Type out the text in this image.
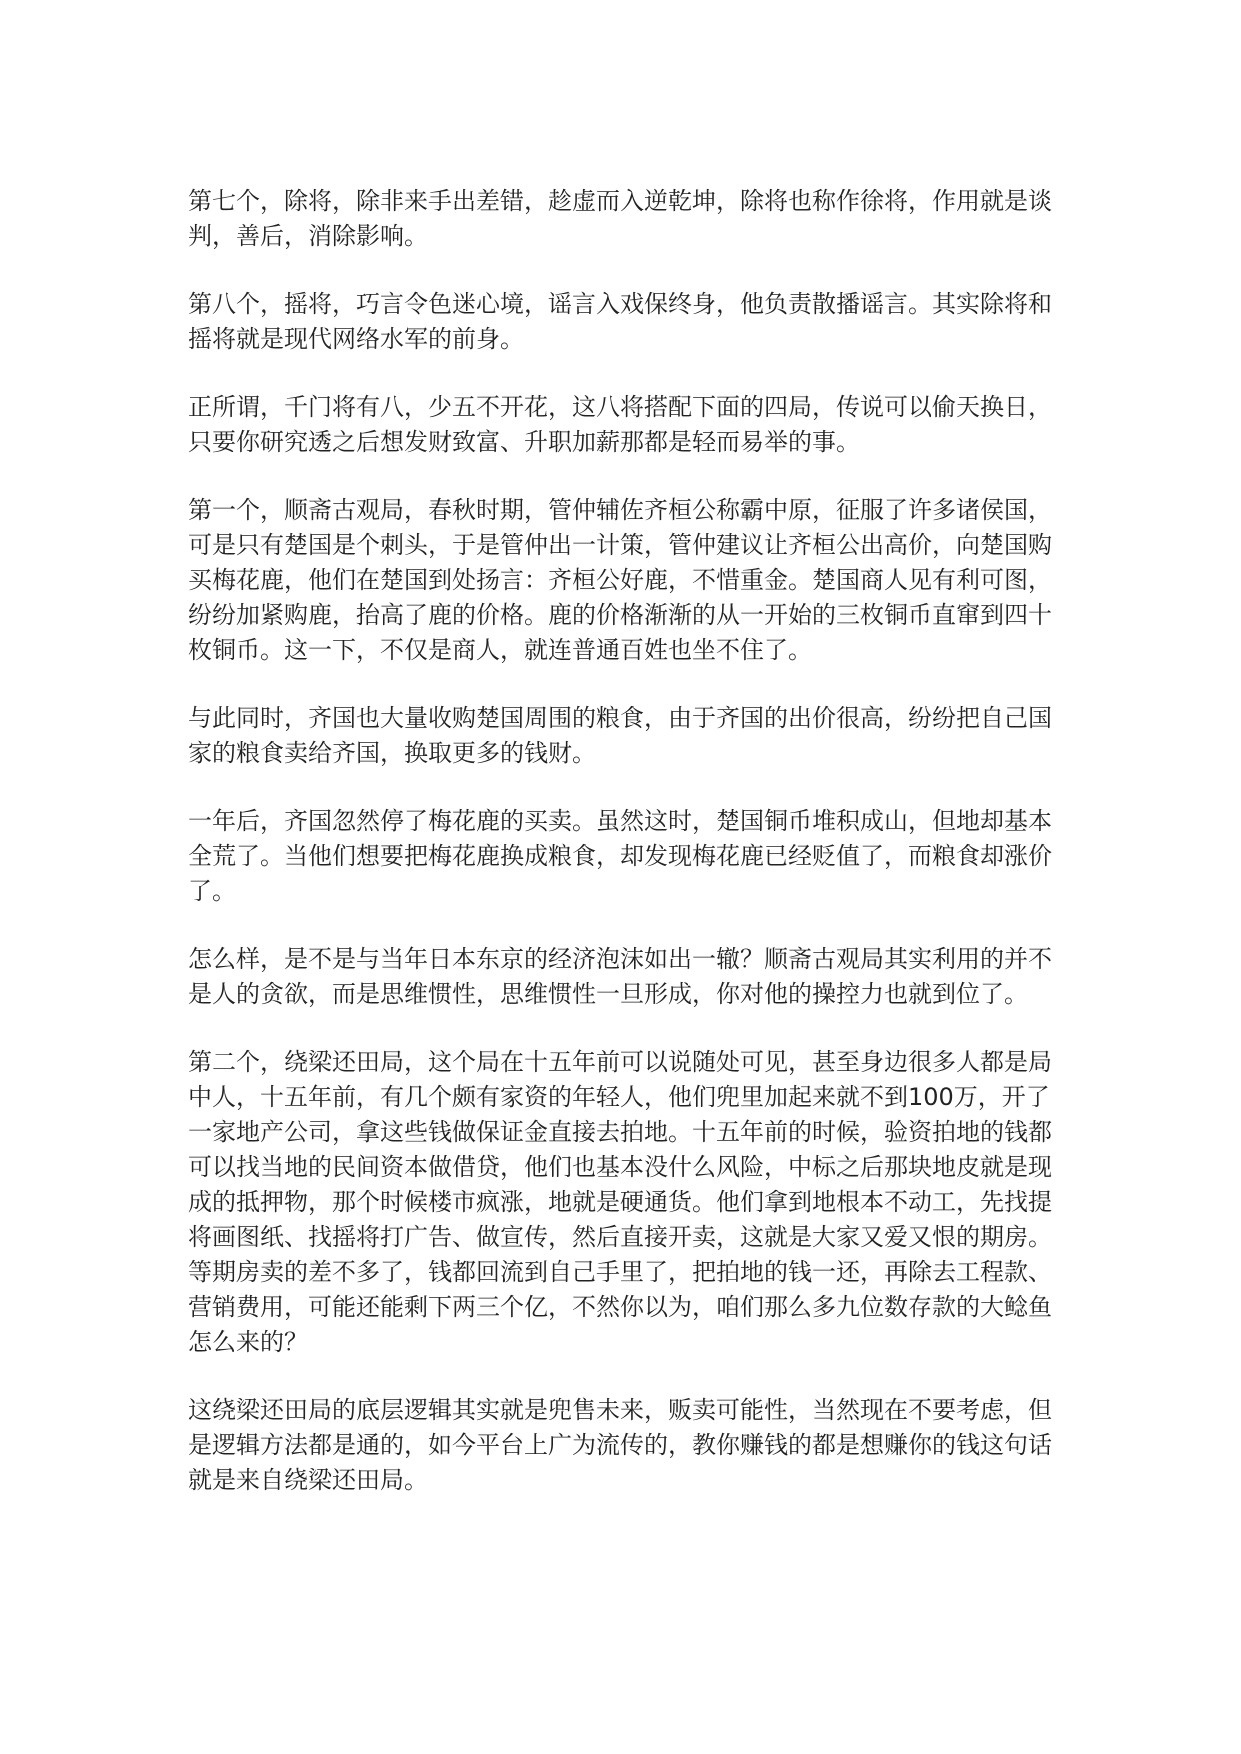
第七个，除将，除非来手出差错，趁虚而入逆乾坤，除将也称作徐将，作用就是谈判，善后，消除影响。

第八个，摇将，巧言令色迷心境，谣言入戏保终身，他负责散播谣言。其实除将和摇将就是现代网络水军的前身。

正所谓，千门将有八，少五不开花，这八将搭配下面的四局，传说可以偷天换日，只要你研究透之后想发财致富、升职加薪那都是轻而易举的事。

第一个，顺斋古观局，春秋时期，管仲辅佐齐桓公称霸中原，征服了许多诸侯国，可是只有楚国是个刺头，于是管仲出一计策，管仲建议让齐桓公出高价，向楚国购买梅花鹿，他们在楚国到处扬言：齐桓公好鹿，不惜重金。楚国商人见有利可图，纷纷加紧购鹿，抬高了鹿的价格。鹿的价格渐渐的从一开始的三枚铜币直窜到四十枚铜币。这一下，不仅是商人，就连普通百姓也坐不住了。

与此同时，齐国也大量收购楚国周围的粮食，由于齐国的出价很高，纷纷把自己国家的粮食卖给齐国，换取更多的钱财。

一年后，齐国忽然停了梅花鹿的买卖。虽然这时，楚国铜币堆积成山，但地却基本全荒了。当他们想要把梅花鹿换成粮食，却发现梅花鹿已经贬值了，而粮食却涨价了。

怎么样，是不是与当年日本东京的经济泡沫如出一辙？顺斋古观局其实利用的并不是人的贪欲，而是思维惯性，思维惯性一旦形成，你对他的操控力也就到位了。

第二个，绕梁还田局，这个局在十五年前可以说随处可见，甚至身边很多人都是局中人，十五年前，有几个颇有家资的年轻人，他们兜里加起来就不到100万，开了一家地产公司，拿这些钱做保证金直接去拍地。十五年前的时候，验资拍地的钱都可以找当地的民间资本做借贷，他们也基本没什么风险，中标之后那块地皮就是现成的抵押物，那个时候楼市疯涨，地就是硬通货。他们拿到地根本不动工，先找提将画图纸、找摇将打广告、做宣传，然后直接开卖，这就是大家又爱又恨的期房。等期房卖的差不多了，钱都回流到自己手里了，把拍地的钱一还，再除去工程款、营销费用，可能还能剩下两三个亿，不然你以为，咱们那么多九位数存款的大鲶鱼怎么来的？

这绕梁还田局的底层逻辑其实就是兜售未来，贩卖可能性，当然现在不要考虑，但是逻辑方法都是通的，如今平台上广为流传的，教你赚钱的都是想赚你的钱这句话就是来自绕梁还田局。
